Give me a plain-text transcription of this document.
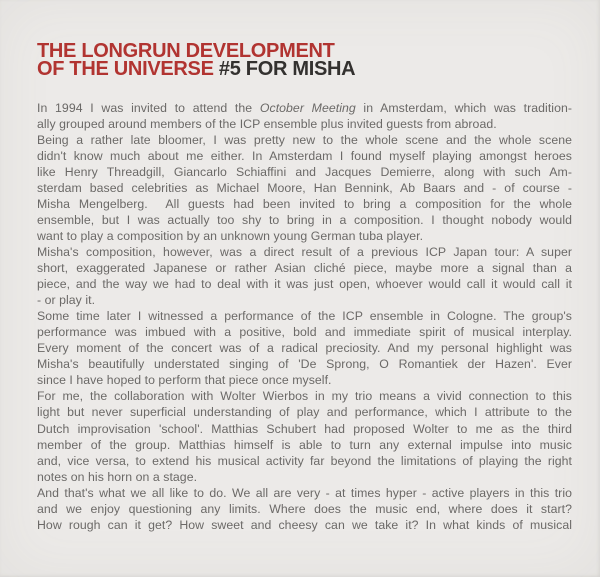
THE LONGRUN DEVELOPMENT
OF THE UNIVERSE #5 FOR MISHA
In 1994 I was invited to attend the October Meeting in Amsterdam, which was tradition-
ally grouped around members of the ICP ensemble plus invited guests from abroad.
Being a rather late bloomer, I was pretty new to the whole scene and the whole scene
didn't know much about me either. In Amsterdam I found myself playing amongst heroes
like Henry Threadgill, Giancarlo Schiaffini and Jacques Demierre, along with such Am-
sterdam based celebrities as Michael Moore, Han Bennink, Ab Baars and - of course -
Misha Mengelberg.  All guests had been invited to bring a composition for the whole
ensemble, but I was actually too shy to bring in a composition. I thought nobody would
want to play a composition by an unknown young German tuba player.
Misha's composition, however, was a direct result of a previous ICP Japan tour: A super
short, exaggerated Japanese or rather Asian cliché piece, maybe more a signal than a
piece, and the way we had to deal with it was just open, whoever would call it would call it
- or play it.
Some time later I witnessed a performance of the ICP ensemble in Cologne. The group's
performance was imbued with a positive, bold and immediate spirit of musical interplay.
Every moment of the concert was of a radical preciosity. And my personal highlight was
Misha's beautifully understated singing of 'De Sprong, O Romantiek der Hazen'. Ever
since I have hoped to perform that piece once myself.
For me, the collaboration with Wolter Wierbos in my trio means a vivid connection to this
light but never superficial understanding of play and performance, which I attribute to the
Dutch improvisation 'school'. Matthias Schubert had proposed Wolter to me as the third
member of the group. Matthias himself is able to turn any external impulse into music
and, vice versa, to extend his musical activity far beyond the limitations of playing the right
notes on his horn on a stage.
And that's what we all like to do. We all are very - at times hyper - active players in this trio
and we enjoy questioning any limits. Where does the music end, where does it start?
How rough can it get? How sweet and cheesy can we take it? In what kinds of musical
